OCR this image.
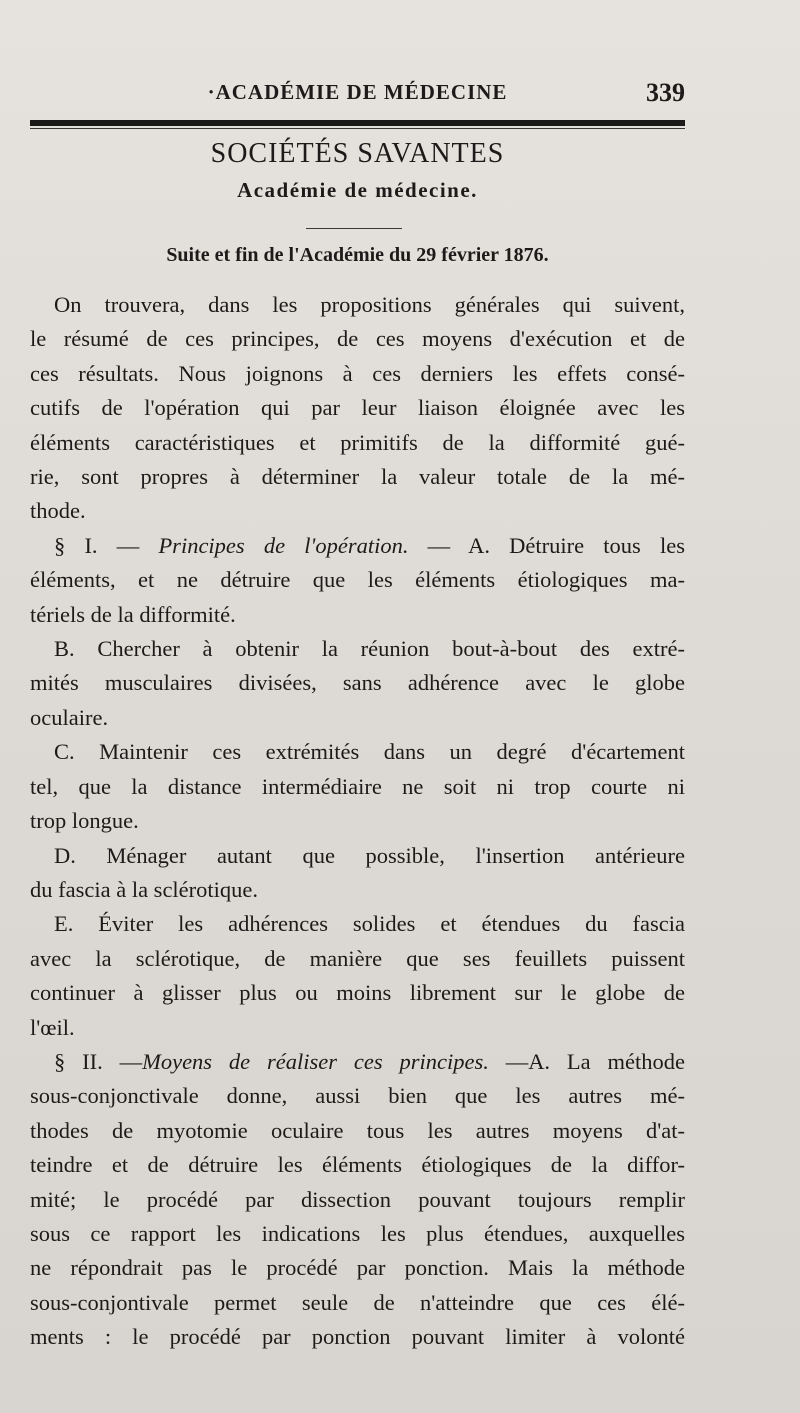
·ACADÉMIE DE MÉDECINE	339
SOCIÉTÉS SAVANTES
Académie de médecine.
Suite et fin de l'Académie du 29 février 1876.
On trouvera, dans les propositions générales qui suivent,
le résumé de ces principes, de ces moyens d'exécution et de
ces résultats. Nous joignons à ces derniers les effets consé-
cutifs de l'opération qui par leur liaison éloignée avec les
éléments caractéristiques et primitifs de la difformité gué-
rie, sont propres à déterminer la valeur totale de la mé-
thode.
§ I. — Principes de l'opération. — A. Détruire tous les
éléments, et ne détruire que les éléments étiologiques ma-
tériels de la difformité.
B. Chercher à obtenir la réunion bout-à-bout des extré-
mités musculaires divisées, sans adhérence avec le globe
oculaire.
C. Maintenir ces extrémités dans un degré d'écartement
tel, que la distance intermédiaire ne soit ni trop courte ni
trop longue.
D. Ménager autant que possible, l'insertion antérieure
du fascia à la sclérotique.
E. Éviter les adhérences solides et étendues du fascia
avec la sclérotique, de manière que ses feuillets puissent
continuer à glisser plus ou moins librement sur le globe de
l'œil.
§ II. —Moyens de réaliser ces principes. —A. La méthode
sous-conjonctivale donne, aussi bien que les autres mé-
thodes de myotomie oculaire tous les autres moyens d'at-
teindre et de détruire les éléments étiologiques de la diffor-
mité; le procédé par dissection pouvant toujours remplir
sous ce rapport les indications les plus étendues, auxquelles
ne répondrait pas le procédé par ponction. Mais la méthode
sous-conjontivale permet seule de n'atteindre que ces élé-
ments : le procédé par ponction pouvant limiter à volonté
